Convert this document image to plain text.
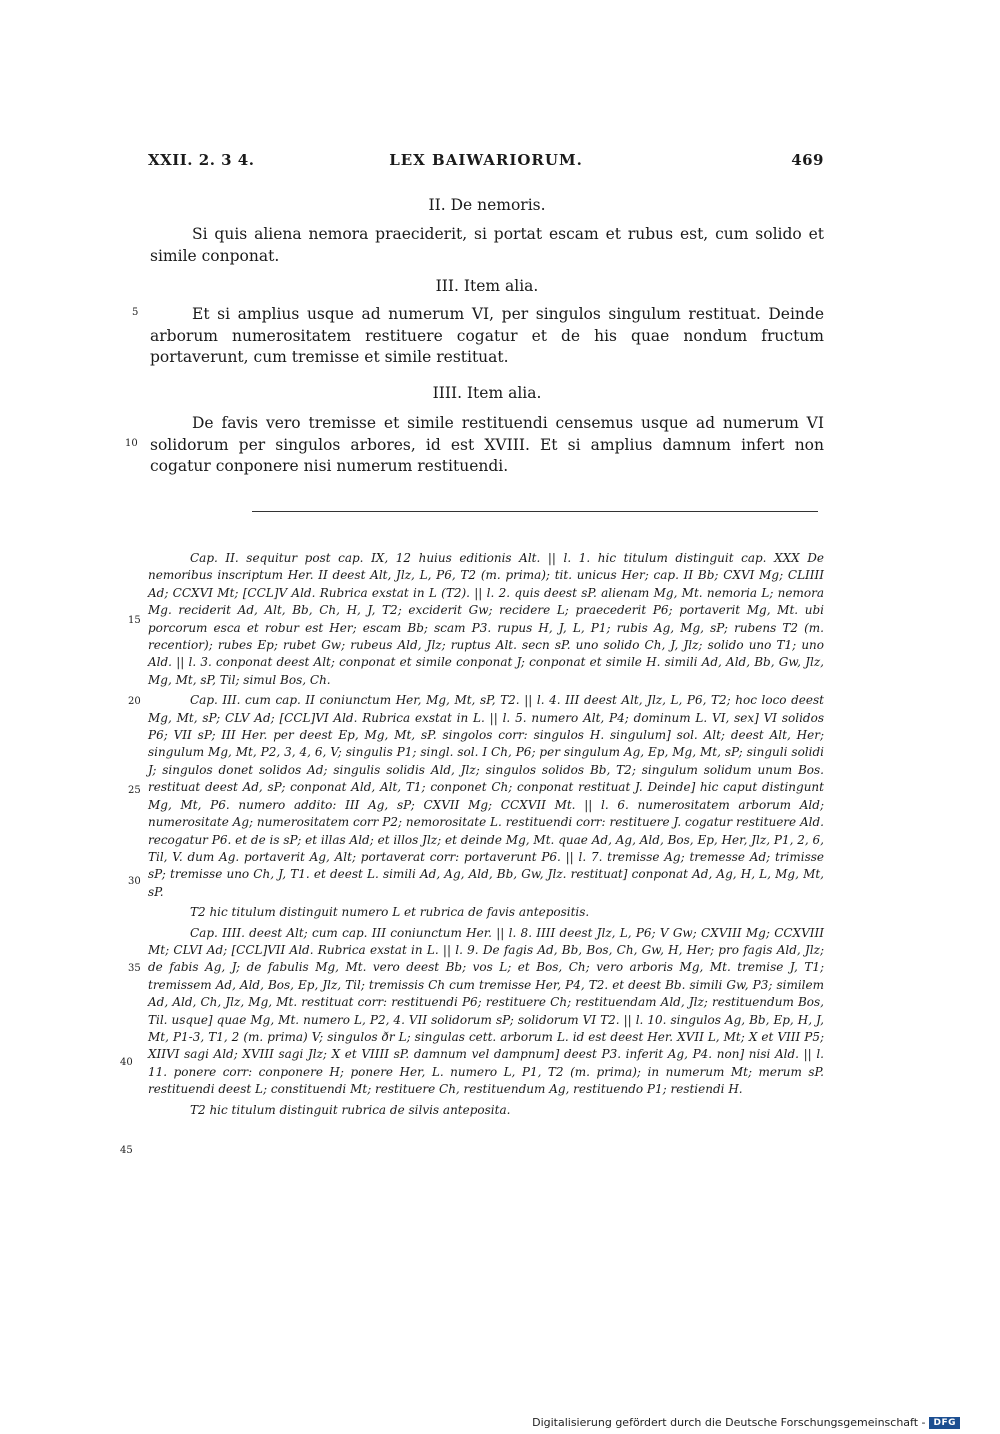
XXII. 2. 3 4.	LEX BAIWARIORUM.	469
II. De nemoris.

Si quis aliena nemora praeciderit, si portat escam et rubus est, cum solido et simile conponat.

III. Item alia.

Et si amplius usque ad numerum VI, per singulos singulum restituat. Deinde arborum numerositatem restituere cogatur et de his quae nondum fructum portaverunt, cum tremisse et simile restituat.

IIII. Item alia.

De favis vero tremisse et simile restituendi censemus usque ad numerum VI solidorum per singulos arbores, id est XVIII. Et si amplius damnum infert non cogatur conponere nisi numerum restituendi.

5
10

Cap. II. sequitur post cap. IX, 12 huius editionis Alt. || l. 1. hic titulum distinguit cap. XXX De nemoribus inscriptum Her. II deest Alt, Jlz, L, P6, T2 (m. prima); tit. unicus Her; cap. II Bb; CXVI Mg; CLIIII Ad; CCXVI Mt; [CCL]V Ald. Rubrica exstat in L (T2). || l. 2. quis deest sP. alienam Mg, Mt. nemoria L; nemora Mg. reciderit Ad, Alt, Bb, Ch, H, J, T2; exciderit Gw; recidere L; praecederit P6; portaverit Mg, Mt. ubi porcorum esca et robur est Her; escam Bb; scam P3. rupus H, J, L, P1; rubis Ag, Mg, sP; rubens T2 (m. recentior); rubes Ep; rubet Gw; rubeus Ald, Jlz; ruptus Alt. secn sP. uno solido Ch, J, Jlz; solido uno T1; uno Ald. || l. 3. conponat deest Alt; conponat et simile conponat J; conponat et simile H. simili Ad, Ald, Bb, Gw, Jlz, Mg, Mt, sP, Til; simul Bos, Ch.

Cap. III. cum cap. II coniunctum Her, Mg, Mt, sP, T2. || l. 4. III deest Alt, Jlz, L, P6, T2; hoc loco deest Mg, Mt, sP; CLV Ad; [CCL]VI Ald. Rubrica exstat in L. || l. 5. numero Alt, P4; dominum L. VI, sex] VI solidos P6; VII sP; III Her. per deest Ep, Mg, Mt, sP. singolos corr: singulos H. singulum] sol. Alt; deest Alt, Her; singulum Mg, Mt, P2, 3, 4, 6, V; singulis P1; singl. sol. I Ch, P6; per singulum Ag, Ep, Mg, Mt, sP; singuli solidi J; singulos donet solidos Ad; singulis solidis Ald, Jlz; singulos solidos Bb, T2; singulum solidum unum Bos. restituat deest Ad, sP; conponat Ald, Alt, T1; conponet Ch; conponat restituat J. Deinde] hic caput distingunt Mg, Mt, P6. numero addito: III Ag, sP; CXVII Mg; CCXVII Mt. || l. 6. numerositatem arborum Ald; numerositate Ag; numerositatem corr P2; nemorositate L. restituendi corr: restituere J. cogatur restituere Ald. recogatur P6. et de is sP; et illas Ald; et illos Jlz; et deinde Mg, Mt. quae Ad, Ag, Ald, Bos, Ep, Her, Jlz, P1, 2, 6, Til, V. dum Ag. portaverit Ag, Alt; portaverat corr: portaverunt P6. || l. 7. tremisse Ag; tremesse Ad; trimisse sP; tremisse uno Ch, J, T1. et deest L. simili Ad, Ag, Ald, Bb, Gw, Jlz. restituat] conponat Ad, Ag, H, L, Mg, Mt, sP.

T2 hic titulum distinguit numero L et rubrica de favis antepositis.

Cap. IIII. deest Alt; cum cap. III coniunctum Her. || l. 8. IIII deest Jlz, L, P6; V Gw; CXVIII Mg; CCXVIII Mt; CLVI Ad; [CCL]VII Ald. Rubrica exstat in L. || l. 9. De fagis Ad, Bb, Bos, Ch, Gw, H, Her; pro fagis Ald, Jlz; de fabis Ag, J; de fabulis Mg, Mt. vero deest Bb; vos L; et Bos, Ch; vero arboris Mg, Mt. tremise J, T1; tremissem Ad, Ald, Bos, Ep, Jlz, Til; tremissis Ch cum tremisse Her, P4, T2. et deest Bb. simili Gw, P3; similem Ad, Ald, Ch, Jlz, Mg, Mt. restituat corr: restituendi P6; restituere Ch; restituendam Ald, Jlz; restituendum Bos, Til. usque] quae Mg, Mt. numero L, P2, 4. VII solidorum sP; solidorum VI T2. || l. 10. singulos Ag, Bb, Ep, H, J, Mt, P1-3, T1, 2 (m. prima) V; singulos ðr L; singulas cett. arborum L. id est deest Her. XVII L, Mt; X et VIII P5; XIIVI sagi Ald; XVIII sagi Jlz; X et VIIII sP. damnum vel dampnum] deest P3. inferit Ag, P4. non] nisi Ald. || l. 11. ponere corr: conponere H; ponere Her, L. numero L, P1, T2 (m. prima); in numerum Mt; merum sP. restituendi deest L; constituendi Mt; restituere Ch, restituendum Ag, restituendo P1; restiendi H.

T2 hic titulum distinguit rubrica de silvis anteposita.

15
20
25
30
35
40
45
Digitalisierung gefördert durch die Deutsche Forschungsgemeinschaft - DFG
